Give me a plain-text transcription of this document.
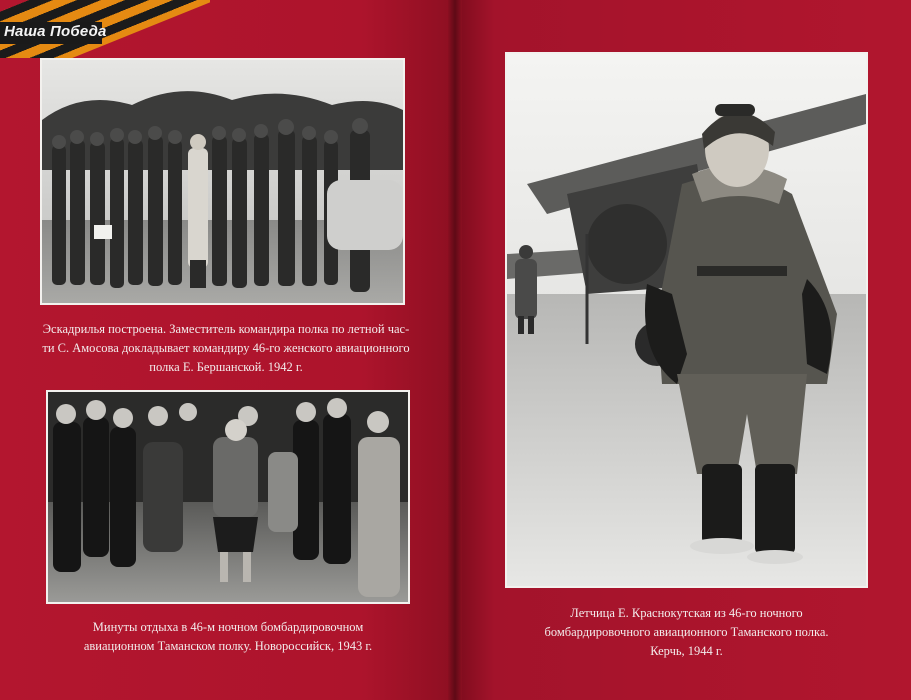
Наша Победа
Эскадрилья построена. Заместитель командира полка по летной час-
ти С. Амосова докладывает командиру 46-го женского авиационного
полка Е. Бершанской. 1942 г.
Минуты отдыха в 46-м ночном бомбардировочном
авиационном Таманском полку. Новороссийск, 1943 г.
Летчица Е. Краснокутская из 46-го ночного
бомбардировочного авиационного Таманского полка.
Керчь, 1944 г.
